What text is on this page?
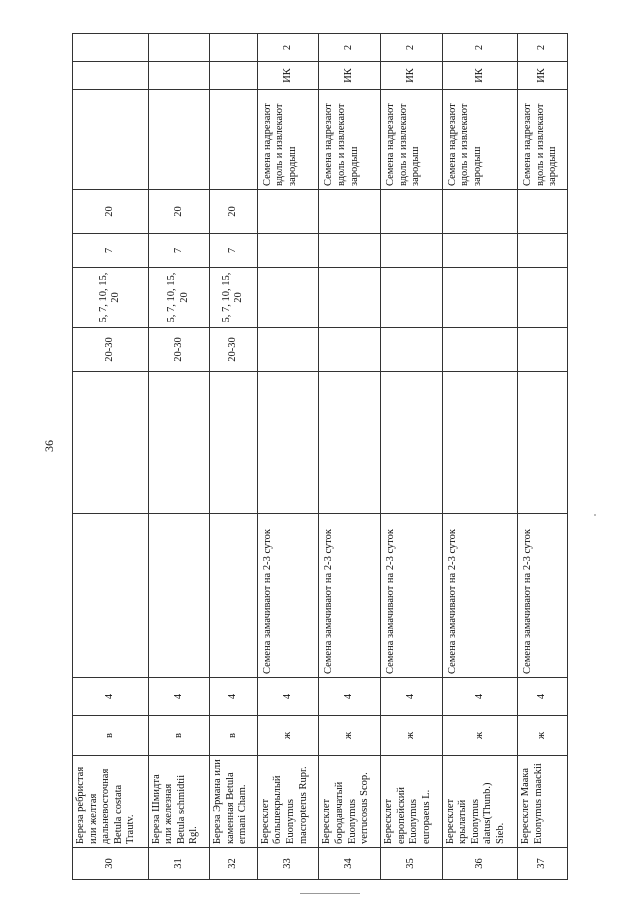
36
30	Береза ребристая или желтая дальневосточная Betula costata Trautv.	в	4			20-30	5, 7, 10, 15, 20	7	20			
31	Береза Шмидта или железная Betula schmidtii Rgl.	в	4			20-30	5, 7, 10, 15, 20	7	20			
32	Береза Эрмана или каменная Betula ermani Cham.	в	4			20-30	5, 7, 10, 15, 20	7	20			
33	Бересклет большекрылый Euonymus macropterus Rupr.	ж	4	Семена замачивают на 2-3 суток						Семена надрезают вдоль и извлекают зародыш	ИК	2
34	Бересклет бородавчатый Euonymus verrucosus Scop.	ж	4	Семена замачивают на 2-3 суток						Семена надрезают вдоль и извлекают зародыш	ИК	2
35	Бересклет европейский Euonymus europaeus L.	ж	4	Семена замачивают на 2-3 суток						Семена надрезают вдоль и извлекают зародыш	ИК	2
36	Бересклет крылатый Euonymus alatus(Thunb.) Sieb.	ж	4	Семена замачивают на 2-3 суток						Семена надрезают вдоль и извлекают зародыш	ИК	2
37	Бересклет Маака Euonymus maackii	ж	4	Семена замачивают на 2-3 суток						Семена надрезают вдоль и извлекают зародыш	ИК	2
